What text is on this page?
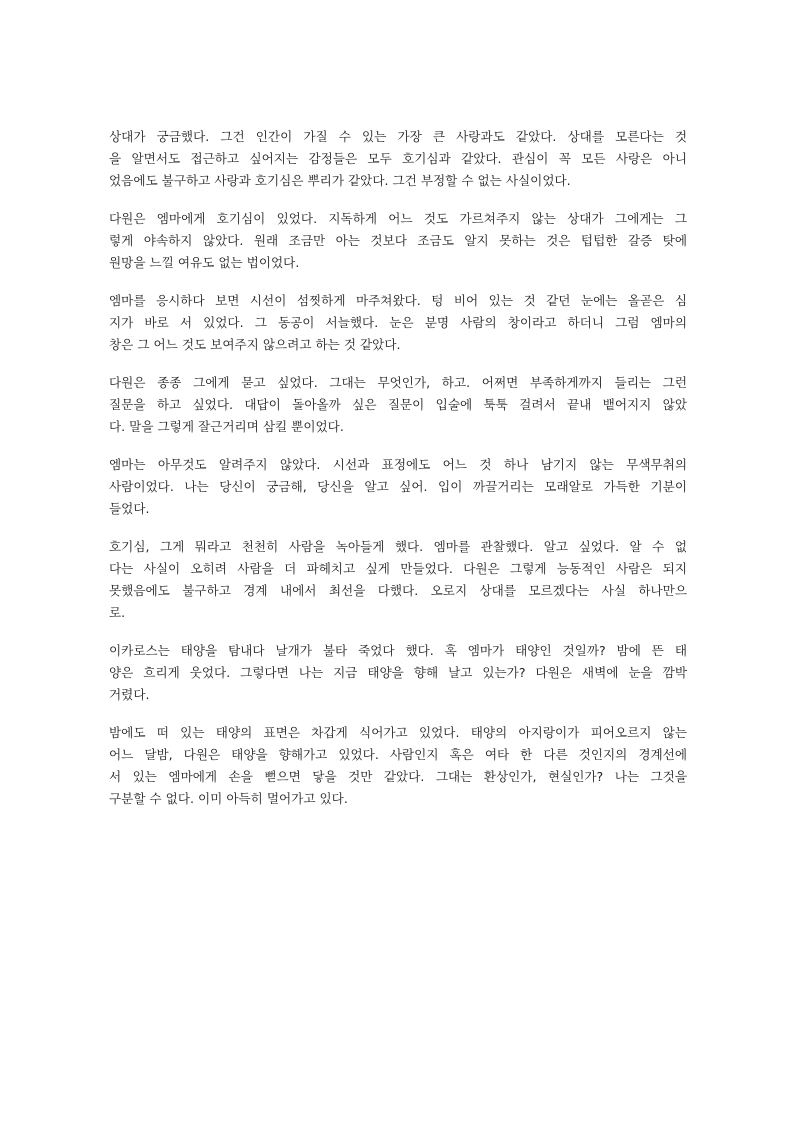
상대가 궁금했다. 그건 인간이 가질 수 있는 가장 큰 사랑과도 같았다. 상대를 모른다는 것
을 알면서도 접근하고 싶어지는 감정들은 모두 호기심과 같았다. 관심이 꼭 모든 사랑은 아니
었음에도 불구하고 사랑과 호기심은 뿌리가 같았다. 그건 부정할 수 없는 사실이었다.
다원은 엠마에게 호기심이 있었다. 지독하게 어느 것도 가르쳐주지 않는 상대가 그에게는 그
렇게 야속하지 않았다. 원래 조금만 아는 것보다 조금도 알지 못하는 것은 텁텁한 갈증 탓에
원망을 느낄 여유도 없는 법이었다.
엠마를 응시하다 보면 시선이 섬찟하게 마주쳐왔다. 텅 비어 있는 것 같던 눈에는 올곧은 심
지가 바로 서 있었다. 그 동공이 서늘했다. 눈은 분명 사람의 창이라고 하더니 그럼 엠마의
창은 그 어느 것도 보여주지 않으려고 하는 것 같았다.
다원은 종종 그에게 묻고 싶었다. 그대는 무엇인가, 하고. 어쩌면 부족하게까지 들리는 그런
질문을 하고 싶었다. 대답이 돌아올까 싶은 질문이 입술에 툭툭 걸려서 끝내 뱉어지지 않았
다. 말을 그렇게 잘근거리며 삼킬 뿐이었다.
엠마는 아무것도 알려주지 않았다. 시선과 표정에도 어느 것 하나 남기지 않는 무색무취의
사람이었다. 나는 당신이 궁금해, 당신을 알고 싶어. 입이 까끌거리는 모래알로 가득한 기분이
들었다.
호기심, 그게 뭐라고 천천히 사람을 녹아들게 했다. 엠마를 관찰했다. 알고 싶었다. 알 수 없
다는 사실이 오히려 사람을 더 파헤치고 싶게 만들었다. 다원은 그렇게 능동적인 사람은 되지
못했음에도 불구하고 경계 내에서 최선을 다했다. 오로지 상대를 모르겠다는 사실 하나만으
로.
이카로스는 태양을 탐내다 날개가 불타 죽었다 했다. 혹 엠마가 태양인 것일까? 밤에 뜬 태
양은 흐리게 웃었다. 그렇다면 나는 지금 태양을 향해 날고 있는가? 다원은 새벽에 눈을 깜박
거렸다.
밤에도 떠 있는 태양의 표면은 차갑게 식어가고 있었다. 태양의 아지랑이가 피어오르지 않는
어느 달밤, 다원은 태양을 향해가고 있었다. 사람인지 혹은 여타 한 다른 것인지의 경계선에
서 있는 엠마에게 손을 뻗으면 닿을 것만 같았다. 그대는 환상인가, 현실인가? 나는 그것을
구분할 수 없다. 이미 아득히 멀어가고 있다.
